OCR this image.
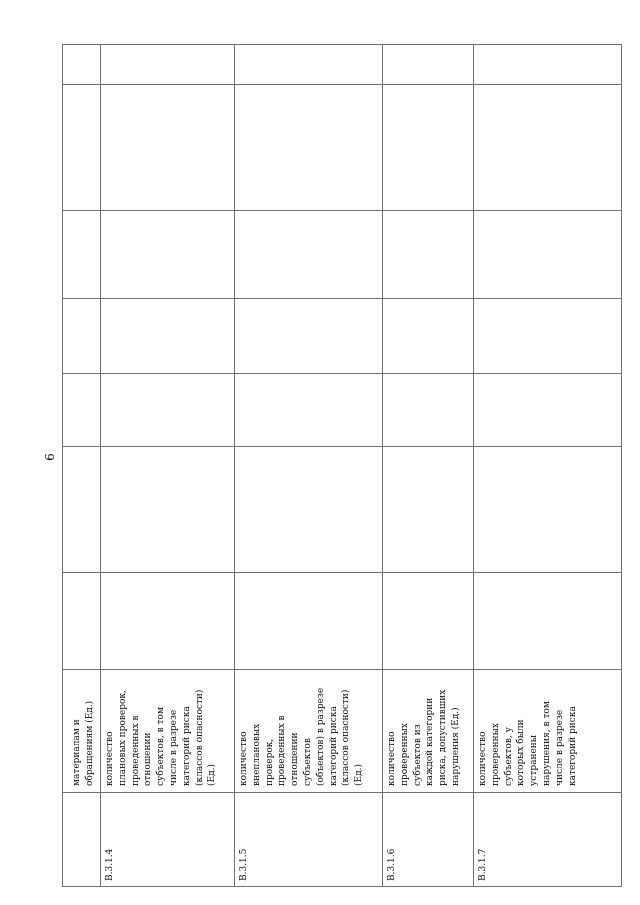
6
материалам и
обращениям (Ед.)
В.3.1.4
количество
плановых проверок,
проведенных в
отношении
субъектов, в том
числе в разрезе
категорий риска
(классов опасности)
(Ед.)
В.3.1.5
количество
внеплановых
проверок,
проведенных в
отношении
субъектов
(объектов) в разрезе
категорий риска
(классов опасности)
(Ед.)
В.3.1.6
количество
проверенных
субъектов из
каждой категории
риска, допустивших
нарушения (Ед.)
В.3.1.7
количество
проверенных
субъектов, у
которых были
устранены
нарушения, в том
числе в разрезе
категорий риска
